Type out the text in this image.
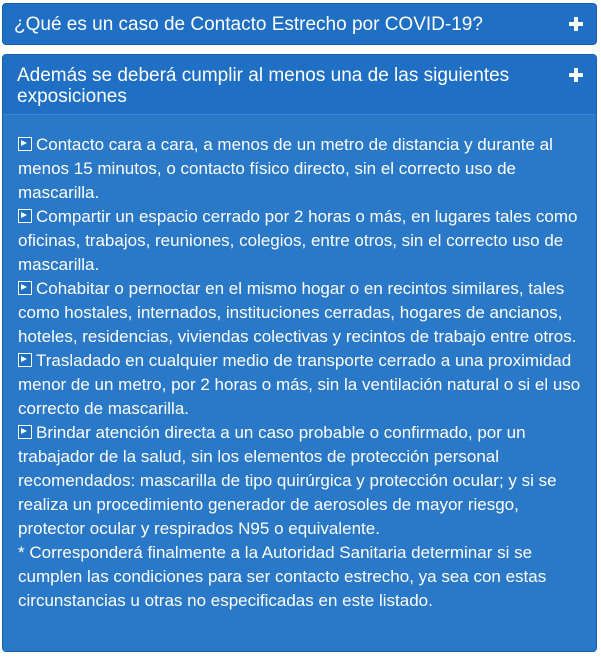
¿Qué es un caso de Contacto Estrecho por COVID-19?
Además se deberá cumplir al menos una de las siguientes exposiciones
Contacto cara a cara, a menos de un metro de distancia y durante al menos 15 minutos, o contacto físico directo, sin el correcto uso de mascarilla.
Compartir un espacio cerrado por 2 horas o más, en lugares tales como oficinas, trabajos, reuniones, colegios, entre otros, sin el correcto uso de mascarilla.
Cohabitar o pernoctar en el mismo hogar o en recintos similares, tales como hostales, internados, instituciones cerradas, hogares de ancianos, hoteles, residencias, viviendas colectivas y recintos de trabajo entre otros.
Trasladado en cualquier medio de transporte cerrado a una proximidad menor de un metro, por 2 horas o más, sin la ventilación natural o si el uso correcto de mascarilla.
Brindar atención directa a un caso probable o confirmado, por un trabajador de la salud, sin los elementos de protección personal recomendados: mascarilla de tipo quirúrgica y protección ocular; y si se realiza un procedimiento generador de aerosoles de mayor riesgo, protector ocular y respirados N95 o equivalente.
* Corresponderá finalmente a la Autoridad Sanitaria determinar si se cumplen las condiciones para ser contacto estrecho, ya sea con estas circunstancias u otras no especificadas en este listado.
